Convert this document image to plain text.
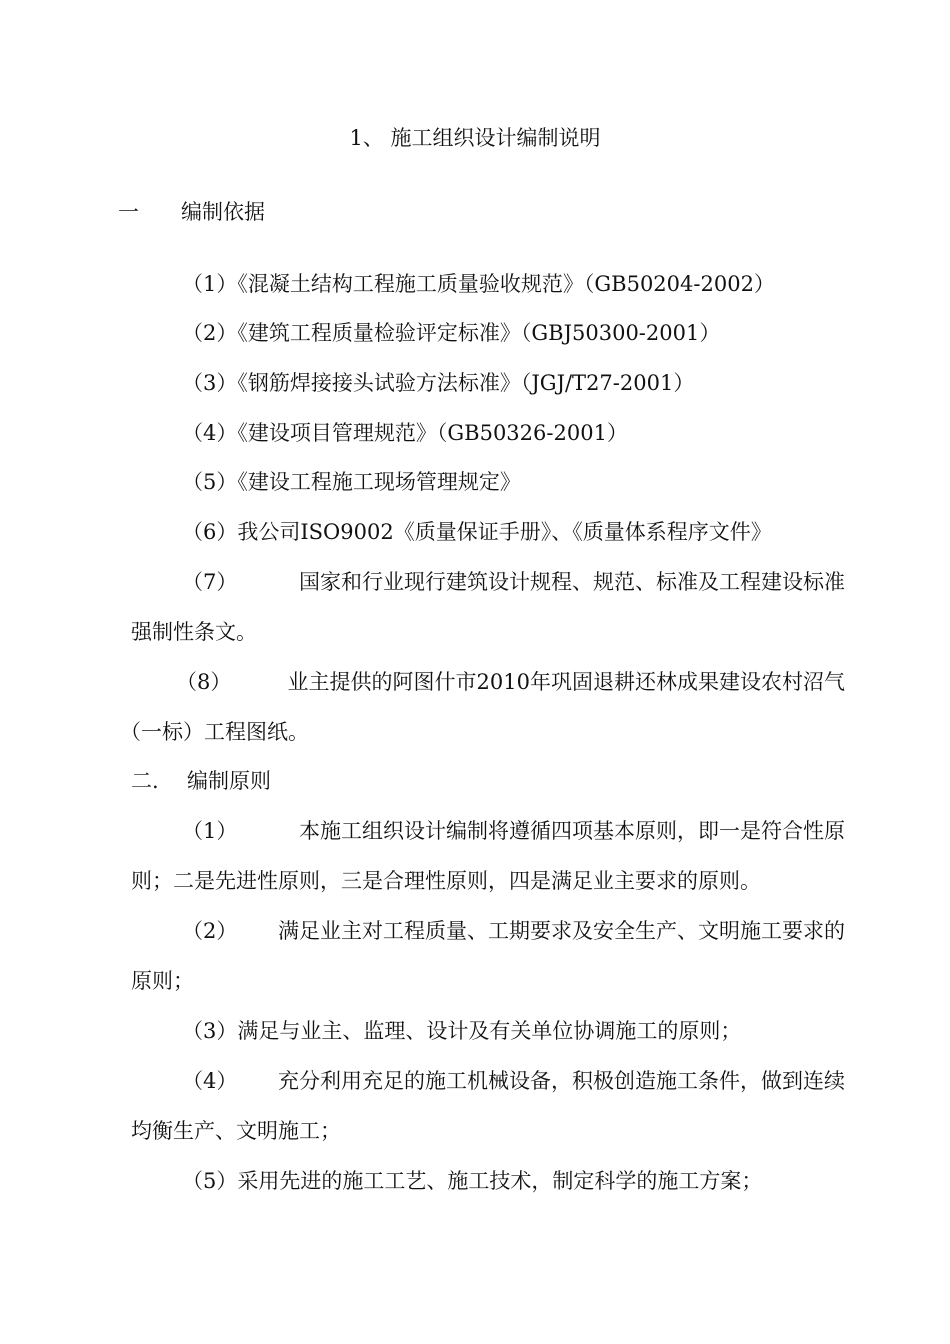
1、 施工组织设计编制说明
一 编制依据
（1）《混凝土结构工程施工质量验收规范》（GB50204-2002）
（2）《建筑工程质量检验评定标准》（GBJ50300-2001）
（3）《钢筋焊接接头试验方法标准》（JGJ/T27-2001）
（4）《建设项目管理规范》（GB50326-2001）
（5）《建设工程施工现场管理规定》
（6）我公司ISO9002《质量保证手册》、《质量体系程序文件》
（7）	国家和行业现行建筑设计规程、规范、标准及工程建设标准
强制性条文。
（8）	业主提供的阿图什市2010年巩固退耕还林成果建设农村沼气
（一标）工程图纸。
二. 编制原则
（1）	本施工组织设计编制将遵循四项基本原则，即一是符合性原
则；二是先进性原则，三是合理性原则，四是满足业主要求的原则。
（2） 满足业主对工程质量、工期要求及安全生产、文明施工要求的
原则；
（3）满足与业主、监理、设计及有关单位协调施工的原则；
（4） 充分利用充足的施工机械设备，积极创造施工条件，做到连续
均衡生产、文明施工；
（5）采用先进的施工工艺、施工技术，制定科学的施工方案；
